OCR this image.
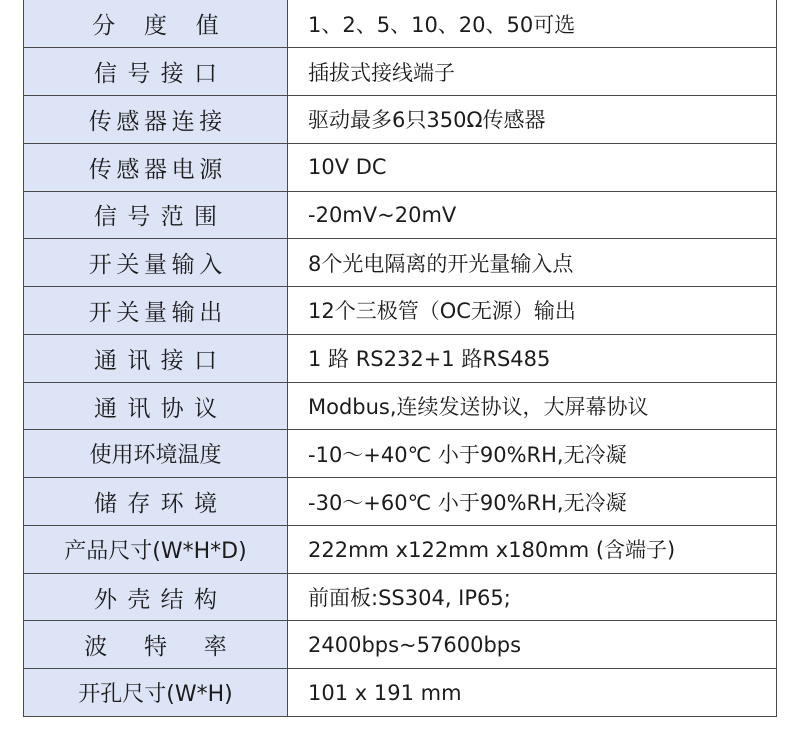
分度值	1、2、5、10、20、50可选
信号接口	插拔式接线端子
传感器连接	驱动最多6只350Ω传感器
传感器电源	10V DC
信号范围	-20mV~20mV
开关量输入	8个光电隔离的开光量输入点
开关量输出	12个三极管（OC无源）输出
通讯接口	1 路 RS232+1 路RS485
通讯协议	Modbus,连续发送协议，大屏幕协议
使用环境温度	-10～+40℃ 小于90%RH,无冷凝
储存环境	-30～+60℃ 小于90%RH,无冷凝
产品尺寸(W*H*D)	222mm x122mm x180mm (含端子)
外壳结构	前面板:SS304, IP65;
波特率	2400bps~57600bps
开孔尺寸(W*H)	101 x 191 mm
